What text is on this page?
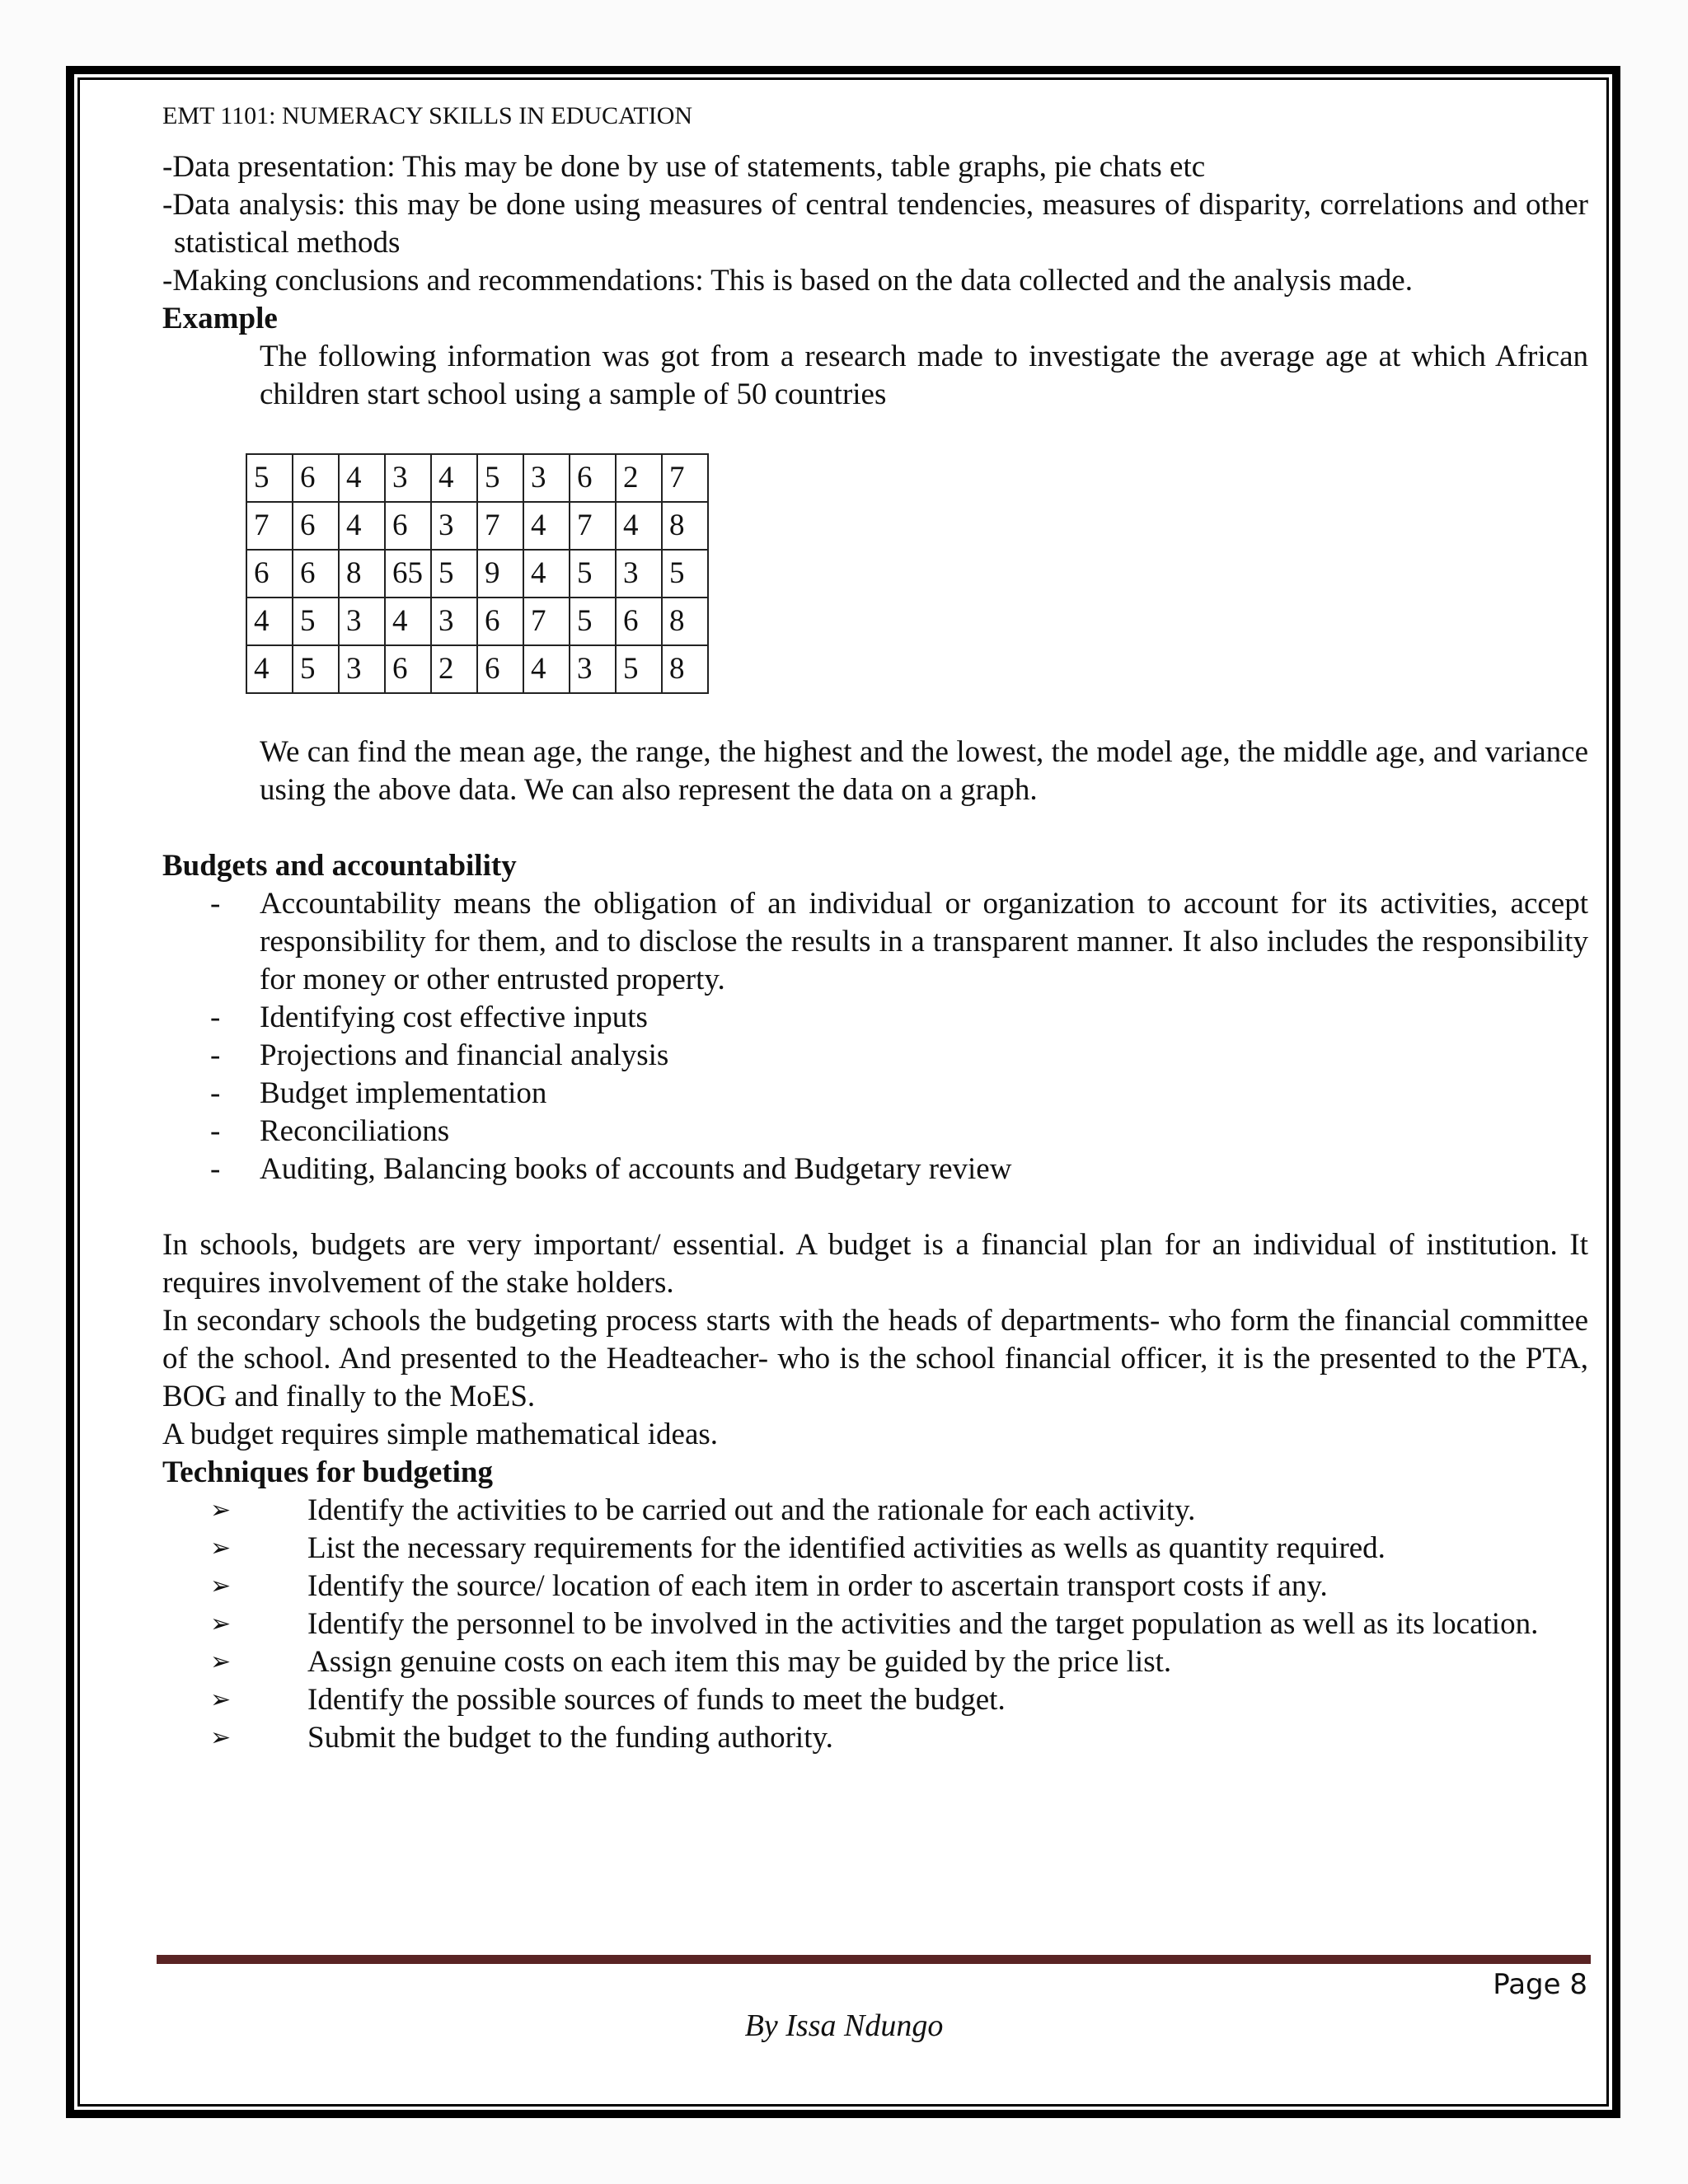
EMT 1101: NUMERACY SKILLS IN EDUCATION

-Data presentation: This may be done by use of statements, table graphs, pie chats etc

-Data analysis: this may be done using measures of central tendencies, measures of disparity, correlations and other statistical methods

-Making conclusions and recommendations: This is based on the data collected and the analysis made.

Example

The following information was got from a research made to investigate the average age at which African children start school using a sample of 50 countries

5	6	4	3	4	5	3	6	2	7
7	6	4	6	3	7	4	7	4	8
6	6	8	65	5	9	4	5	3	5
4	5	3	4	3	6	7	5	6	8
4	5	3	6	2	6	4	3	5	8

We can find the mean age, the range, the highest and the lowest, the model age, the middle age, and variance using the above data. We can also represent the data on a graph.

Budgets and accountability

-	Accountability means the obligation of an individual or organization to account for its activities, accept responsibility for them, and to disclose the results in a transparent manner. It also includes the responsibility for money or other entrusted property.
-	Identifying cost effective inputs
-	Projections and financial analysis
-	Budget implementation
-	Reconciliations
-	Auditing, Balancing books of accounts and Budgetary review

In schools, budgets are very important/ essential. A budget is a financial plan for an individual of institution. It requires involvement of the stake holders.

In secondary schools the budgeting process starts with the heads of departments- who form the financial committee of the school. And presented to the Headteacher- who is the school financial officer, it is the presented to the PTA, BOG and finally to the MoES.

A budget requires simple mathematical ideas.

Techniques for budgeting

➢	Identify the activities to be carried out and the rationale for each activity.
➢	List the necessary requirements for the identified activities as wells as quantity required.
➢	Identify the source/ location of each item in order to ascertain transport costs if any.
➢	Identify the personnel to be involved in the activities and the target population as well as its location.
➢	Assign genuine costs on each item this may be guided by the price list.
➢	Identify the possible sources of funds to meet the budget.
➢	Submit the budget to the funding authority.
Page 8
By Issa Ndungo
